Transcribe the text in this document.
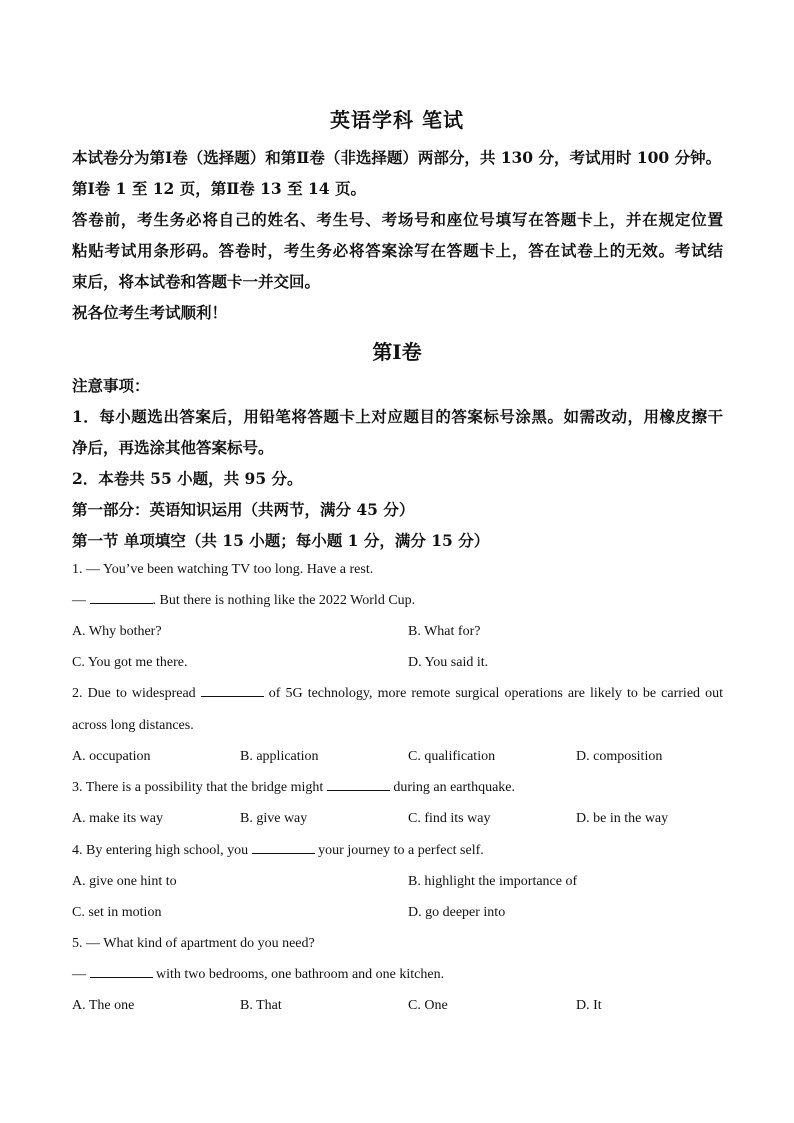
英语学科 笔试
本试卷分为第Ⅰ卷（选择题）和第Ⅱ卷（非选择题）两部分，共 130 分，考试用时 100 分钟。
第Ⅰ卷 1 至 12 页，第Ⅱ卷 13 至 14 页。
答卷前，考生务必将自己的姓名、考生号、考场号和座位号填写在答题卡上，并在规定位置
粘贴考试用条形码。答卷时，考生务必将答案涂写在答题卡上，答在试卷上的无效。考试结
束后，将本试卷和答题卡一并交回。
祝各位考生考试顺利！
第Ⅰ卷
注意事项：
1．每小题选出答案后，用铅笔将答题卡上对应题目的答案标号涂黑。如需改动，用橡皮擦干
净后，再选涂其他答案标号。
2．本卷共 55 小题，共 95 分。
第一部分：英语知识运用（共两节，满分 45 分）
第一节 单项填空（共 15 小题；每小题 1 分，满分 15 分）
1. — You’ve been watching TV too long. Have a rest.
—	. But there is nothing like the 2022 World Cup.
A. Why bother?	B. What for?
C. You got me there.	D. You said it.
2. Due to widespread	of 5G technology, more remote surgical operations are likely to be carried out
across long distances.
A. occupation	B. application	C. qualification	D. composition
3. There is a possibility that the bridge might	during an earthquake.
A. make its way	B. give way	C. find its way	D. be in the way
4. By entering high school, you	your journey to a perfect self.
A. give one hint to	B. highlight the importance of
C. set in motion	D. go deeper into
5. — What kind of apartment do you need?
—	with two bedrooms, one bathroom and one kitchen.
A. The one	B. That	C. One	D. It
